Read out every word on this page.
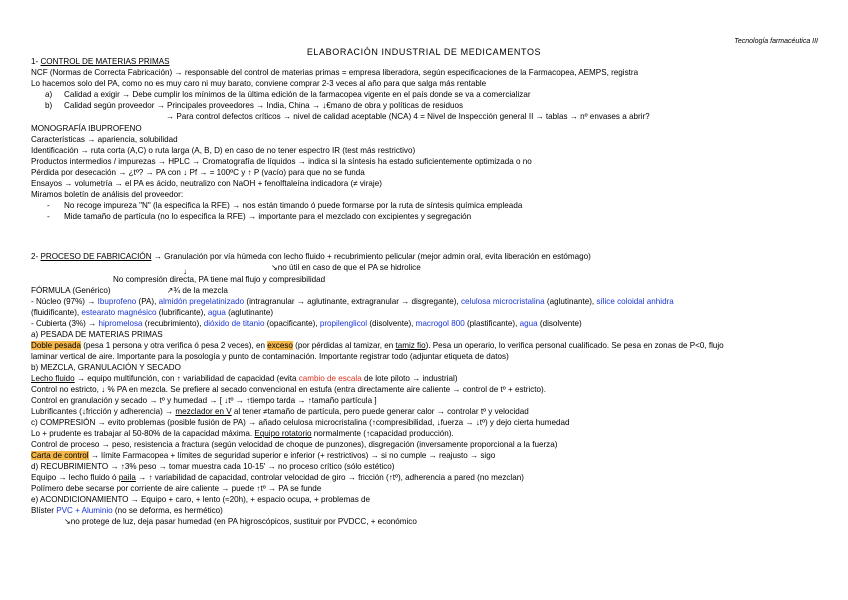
Tecnología farmacéutica III
ELABORACIÓN INDUSTRIAL DE MEDICAMENTOS
1- CONTROL DE MATERIAS PRIMAS
NCF (Normas de Correcta Fabricación) → responsable del control de materias primas = empresa liberadora, según especificaciones de la Farmacopea, AEMPS, registra
Lo hacemos solo del PA, como no es muy caro ni muy barato, conviene comprar 2-3 veces al año para que salga más rentable
a) Calidad a exigir → Debe cumplir los mínimos de la última edición de la farmacopea vigente en el país donde se va a comercializar
b) Calidad según proveedor → Principales proveedores → India, China → ↓€mano de obra y políticas de residuos
→ Para control defectos críticos → nivel de calidad aceptable (NCA) 4 = Nivel de Inspección general II → tablas → nº envases a abrir?
MONOGRAFÍA IBUPROFENO
Características → apariencia, solubilidad
Identificación → ruta corta (A,C) o ruta larga (A, B, D) en caso de no tener espectro IR (test más restrictivo)
Productos intermedios / impurezas → HPLC → Cromatografía de líquidos → indica si la síntesis ha estado suficientemente optimizada o no
Pérdida por desecación → ¿tº? → PA con ↓ Pf → = 100ºC y ↑ P (vacío) para que no se funda
Ensayos → volumetría → el PA es ácido, neutralizo con NaOH + fenolftaleína indicadora (≠ viraje)
Miramos boletín de análisis del proveedor:
- No recoge impureza "N" (la especifica la RFE) → nos están timando ó puede formarse por la ruta de síntesis química empleada
- Mide tamaño de partícula (no lo especifica la RFE) → importante para el mezclado con excipientes y segregación
2- PROCESO DE FABRICACIÓN → Granulación por vía húmeda con lecho fluido + recubrimiento pelicular (mejor admin oral, evita liberación en estómago)
↘no útil en caso de que el PA se hidrolice
↓
No compresión directa, PA tiene mal flujo y compresibilidad
FÓRMULA (Genérico)	↗¾ de la mezcla
- Núcleo (97%) → Ibuprofeno (PA), almidón pregelatinizado (intragranular → aglutinante, extragranular → disgregante), celulosa microcristalina (aglutinante), sílice coloidal anhidra
(fluidificante), estearato magnésico (lubrificante), agua (aglutinante)
- Cubierta (3%) → hipromelosa (recubrimiento), dióxido de titanio (opacificante), propilenglicol (disolvente), macrogol 800 (plastificante), agua (disolvente)
a) PESADA DE MATERIAS PRIMAS
Doble pesada (pesa 1 persona y otra verifica ó pesa 2 veces), en exceso (por pérdidas al tamizar, en tamiz fio). Pesa un operario, lo verifica personal cualificado. Se pesa en zonas de P<0, flujo
laminar vertical de aire. Importante para la posología y punto de contaminación. Importante registrar todo (adjuntar etiqueta de datos)
b) MEZCLA, GRANULACIÓN Y SECADO
Lecho fluido → equipo multifunción, con ↑ variabilidad de capacidad (evita cambio de escala de lote piloto → industrial)
Control no estricto, ↓ % PA en mezcla. Se prefiere al secado convencional en estufa (entra directamente aire caliente → control de tº + estricto).
Control en granulación y secado → tº y humedad → [ ↓tº → ↑tiempo tarda → ↑tamaño partícula ]
Lubrificantes (↓fricción y adherencia) → mezclador en V al tener ≠tamaño de partícula, pero puede generar calor → controlar tº y velocidad
c) COMPRESIÓN → evito problemas (posible fusión de PA) → añado celulosa microcristalina (↑compresibilidad, ↓fuerza → ↓tº) y dejo cierta humedad
Lo + prudente es trabajar al 50-80% de la capacidad máxima. Equipo rotatorio normalmente (↑capacidad producción).
Control de proceso → peso, resistencia a fractura (según velocidad de choque de punzones), disgregación (inversamente proporcional a la fuerza)
Carta de control → límite Farmacopea + límites de seguridad superior e inferior (+ restrictivos) → si no cumple → reajusto → sigo
d) RECUBRIMIENTO → ↑3% peso → tomar muestra cada 10-15' → no proceso crítico (sólo estético)
Equipo → lecho fluido ó paila → ↑ variabilidad de capacidad, controlar velocidad de giro → fricción (↑tº), adherencia a pared (no mezclan)
Polímero debe secarse por corriente de aire caliente → puede ↑tº → PA se funde
e) ACONDICIONAMIENTO → Equipo + caro, + lento (≈20h), + espacio ocupa, + problemas de
Blíster PVC + Aluminio (no se deforma, es hermético)
↘no protege de luz, deja pasar humedad (en PA higroscópicos, sustituir por PVDCC, + económico
